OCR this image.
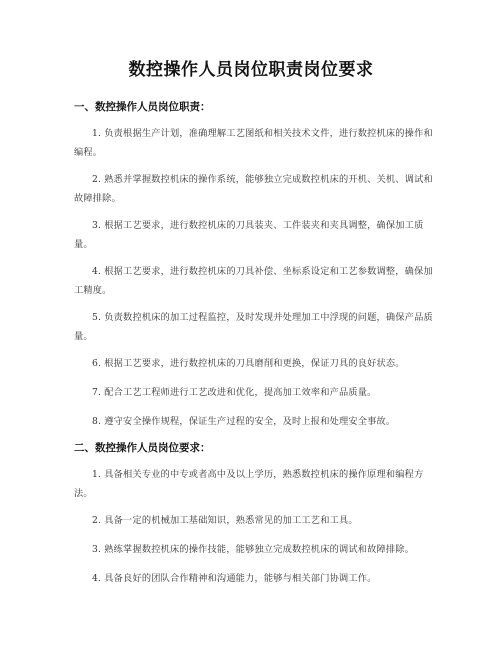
数控操作人员岗位职责岗位要求
一、数控操作人员岗位职责：

1. 负责根据生产计划，准确理解工艺图纸和相关技术文件，进行数控机床的操作和编程。

2. 熟悉并掌握数控机床的操作系统，能够独立完成数控机床的开机、关机、调试和故障排除。

3. 根据工艺要求，进行数控机床的刀具装夹、工件装夹和夹具调整，确保加工质量。

4. 根据工艺要求，进行数控机床的刀具补偿、坐标系设定和工艺参数调整，确保加工精度。

5. 负责数控机床的加工过程监控，及时发现并处理加工中浮现的问题，确保产品质量。

6. 根据工艺要求，进行数控机床的刀具磨削和更换，保证刀具的良好状态。

7. 配合工艺工程师进行工艺改进和优化，提高加工效率和产品质量。

8. 遵守安全操作规程，保证生产过程的安全，及时上报和处理安全事故。

二、数控操作人员岗位要求：

1. 具备相关专业的中专或者高中及以上学历，熟悉数控机床的操作原理和编程方法。

2. 具备一定的机械加工基础知识，熟悉常见的加工工艺和工具。

3. 熟练掌握数控机床的操作技能，能够独立完成数控机床的调试和故障排除。

4. 具备良好的团队合作精神和沟通能力，能够与相关部门协调工作。
